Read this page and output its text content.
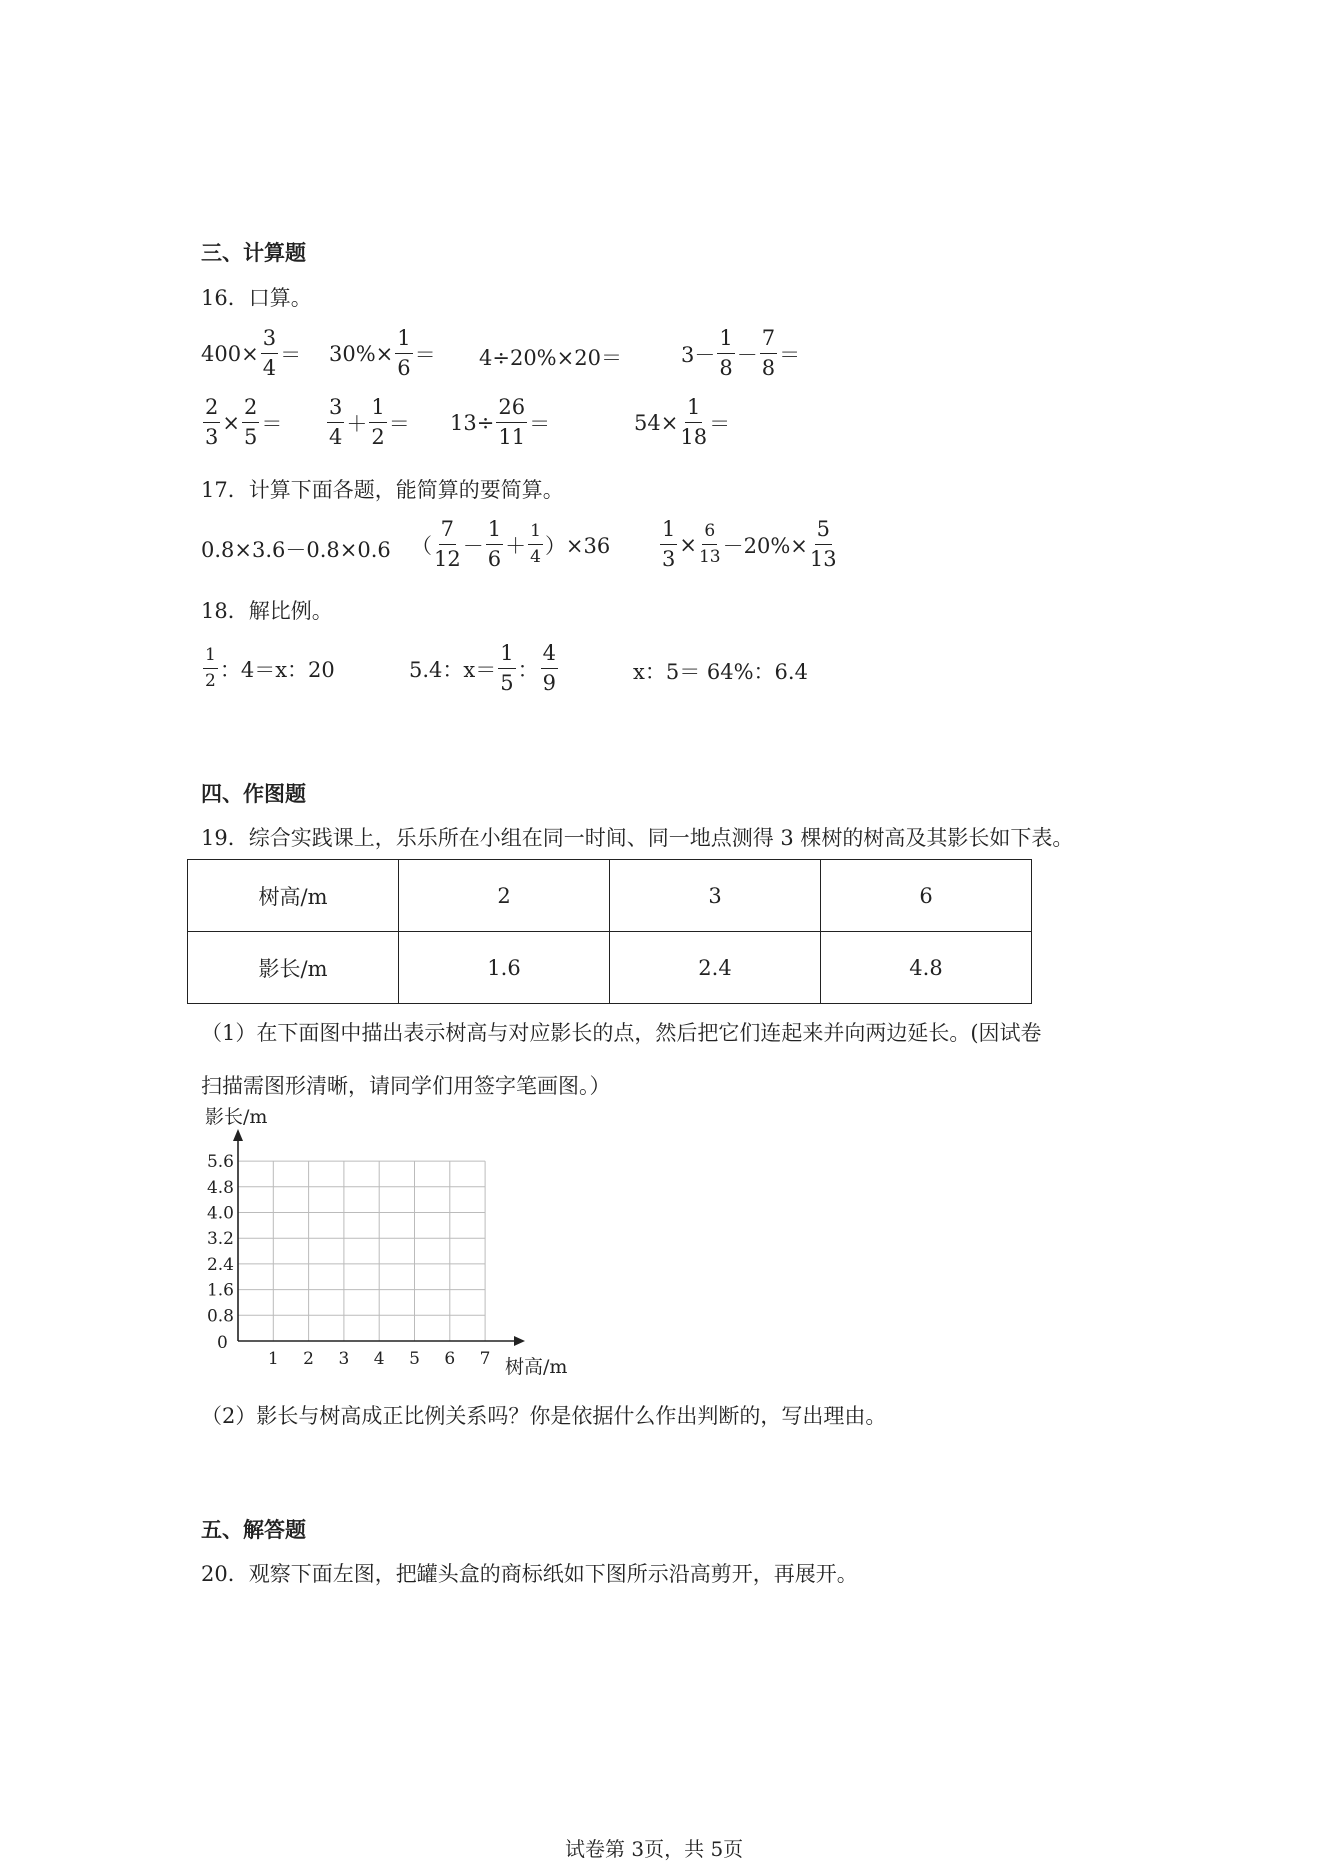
三、计算题
16．口算。
$400\times \frac{3}{4} = 30\%\times \frac{1}{6} = 4\div 20\%\times 20=$	3－
1
8
－
7
8
＝
$\frac{2}{3} \times \frac{2}{5}$ ＝
3
4
＋
1
2
＝ $13\div \frac{26}{11}$ ＝	$54\times \frac{1}{18}$ ＝
17．计算下面各题，能简算的要简算。
0.8×3.6－0.8×0.6 （
7
12
－
1
6
＋
1
4 ）$\times 36 \frac{1}{3} \times \frac{6}{13} -20\%\times \frac{5}{13}$
18．解比例。
1
2 ：4＝x：20	5.4：x＝
1
5
：
4
9	x：5＝ 64%：6.4
四、作图题
19．综合实践课上，乐乐所在小组在同一时间、同一地点测得 3 棵树的树高及其影长如下表。
树高/m	2	3	6
影长/m	1.6	2.4	4.8
（1）在下面图中描出表示树高与对应影长的点，然后把它们连起来并向两边延长。(因试卷
扫描需图形清晰，请同学们用签字笔画图。）
1 2 3 4 5 6 7
0.8
1.6
2.4
3.2
4.0
4.8
5.6
影长/m
树高/m
0
（2）影长与树高成正比例关系吗？你是依据什么作出判断的，写出理由。
五、解答题
20．观察下面左图，把罐头盒的商标纸如下图所示沿高剪开，再展开。
试卷第 3页，共 5页
